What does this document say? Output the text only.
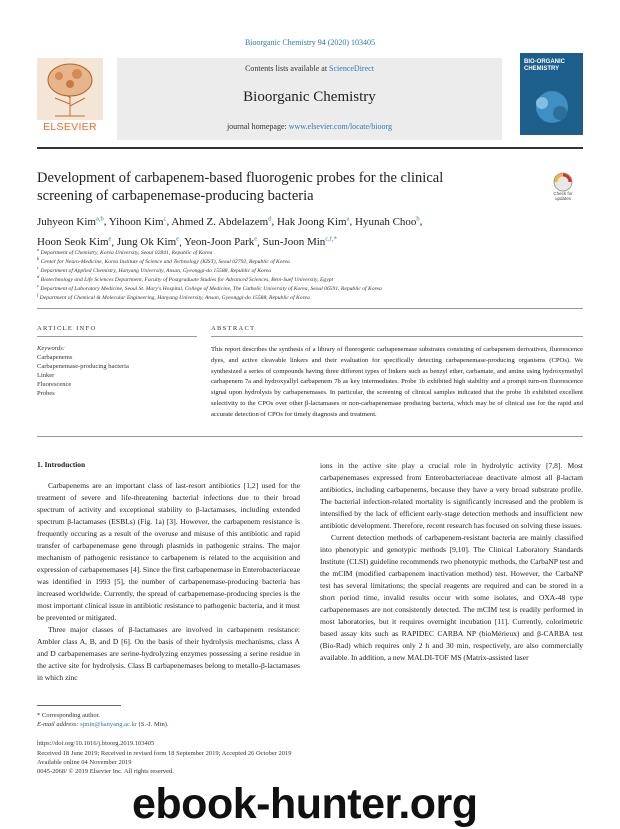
Bioorganic Chemistry 94 (2020) 103405
ELSEVIER
Contents lists available at ScienceDirect
Bioorganic Chemistry
journal homepage: www.elsevier.com/locate/bioorg
BIO-ORGANIC CHEMISTRY
Development of carbapenem-based fluorogenic probes for the clinical screening of carbapenemase-producing bacteria	Check for updates
Juhyeon Kim$^{a,b}$, Yihoon Kim$^c$, Ahmed Z. Abdelazem$^d$, Hak Joong Kim$^a$, Hyunah Choo$^b$,
Hoon Seok Kim$^e$, Jung Ok Kim$^e$, Yeon-Joon Park$^e$, Sun-Joon Min$^{c,f,*}$
$^a$ Department of Chemistry, Korea University, Seoul 02841, Republic of Korea
$^b$ Center for Neuro-Medicine, Korea Institute of Science and Technology (KIST), Seoul 02792, Republic of Korea
$^c$ Department of Applied Chemistry, Hanyang University, Ansan, Gyeonggi-do 15588, Republic of Korea
$^d$ Biotechnology and Life Sciences Department, Faculty of Postgraduate Studies for Advanced Sciences, Beni-Suef University, Egypt
$^e$ Department of Laboratory Medicine, Seoul St. Mary's Hospital, College of Medicine, The Catholic University of Korea, Seoul 06591, Republic of Korea
$^f$ Department of Chemical & Molecular Engineering, Hanyang University, Ansan, Gyeonggi-do 15588, Republic of Korea
ARTICLE INFO	ABSTRACT
Keywords:
Carbapenems
Carbapenemase-producing bacteria
Linker
Fluorescence
Probes
This report describes the synthesis of a library of fluorogenic carbapenemase substrates consisting of carbapenem derivatives, fluorescence dyes, and active cleavable linkers and their evaluation for specifically detecting carbapenemase-producing organisms (CPOs). We synthesized a series of compounds having three different types of linkers such as benzyl ether, carbamate, and amine using hydroxymethyl carbapenem 7a and hydroxyallyl carbapenem 7b as key intermediates. Probe 1b exhibited high stability and a prompt turn-on fluorescence signal upon hydrolysis by carbapenemases. In particular, the screening of clinical samples indicated that the probe 1b exhibited excellent selectivity to the CPOs over other β-lactamases or non-carbapenemase producing bacteria, which may be of clinical use for the rapid and accurate detection of CPOs for timely diagnosis and treatment.
1. Introduction

Carbapenems are an important class of last-resort antibiotics [1,2] used for the treatment of severe and life-threatening bacterial infections due to their broad spectrum of activity and exceptional stability to β-lactamases, including extended spectrum β-lactamases (ESBLs) (Fig. 1a) [3]. However, the carbapenem resistance is frequently occuring as a result of the overuse and misuse of this antibiotic and rapid transfer of carbapenemase gene through plasmids in pathogenic strains. The major mechanism of pathogenic resistance to carbapenem is related to the acquisition and expression of carbapenemases [4]. Since the first carbapenemase in Enterobacteriaceae was identified in 1993 [5], the number of carbapenemase-producing bacteria has increased worldwide. Currently, the spread of carbapenemase-producing species is the most important clinical issue in antibiotic resistance to pathogenic bacteria, and it must be prevented or mitigated.

Three major classes of β-lactamases are involved in carbapenem resistance: Ambler class A, B, and D [6]. On the basis of their hydrolysis mechanisms, class A and D carbapenemases are serine-hydrolyzing enzymes possessing a serine residue in the active site for hydrolysis. Class B carbapenemases belong to metallo-β-lactamases in which zinc

ions in the active site play a crucial role in hydrolytic activity [7,8]. Most carbapenemases expressed from Enterobacteriaceae deactivate almost all β-lactam antibiotics, including carbapenems, because they have a very broad substrate profile. The bacterial infection-related mortality is significantly increased and the problem is intensified by the lack of efficient early-stage detection methods and insufficient new antibiotic development. Therefore, recent research has focused on solving these issues.

Current detection methods of carbapenem-resistant bacteria are mainly classified into phenotypic and genotypic methods [9,10]. The Clinical Laboratory Standards Institute (CLSI) guideline recommends two phenotypic methods, the CarbaNP test and the mCIM (modified carbapenem inactivation method) test. However, the CarbaNP test has several limitations; the special reagents are required and can be stored in a short period time, invalid results occur with some isolates, and OXA-48 type carbapenemases are not consistently detected. The mCIM test is readily performed in most laboratories, but it requires overnight incubation [11]. Currently, colorimetric based assay kits such as RAPIDEC CARBA NP (bioMérieux) and β-CARBA test (Bio-Rad) which requires only 2 h and 30 min, respectively, are also commercially available. In addition, a new MALDI-TOF MS (Matrix-assisted laser

* Corresponding author.
E-mail address: sjmin@hanyang.ac.kr (S.-J. Min).
https://doi.org/10.1016/j.bioorg.2019.103405
Received 18 June 2019; Received in revised form 18 September 2019; Accepted 26 October 2019
Available online 04 November 2019
0045-2068/ © 2019 Elsevier Inc. All rights reserved.
ebook-hunter.org
